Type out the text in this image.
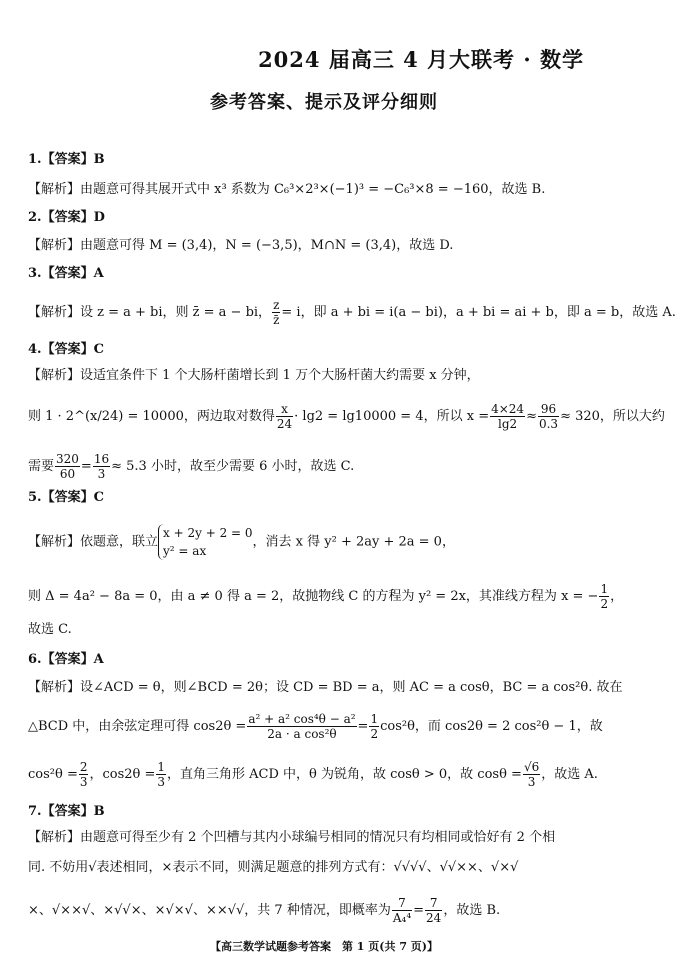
2024 届高三 4 月大联考 · 数学
参考答案、提示及评分细则
1.【答案】B
【解析】由题意可得其展开式中 x³ 系数为 C₆³×2³×(−1)³ = −C₆³×8 = −160，故选 B.
2.【答案】D
【解析】由题意可得 M = (3,4)，N = (−3,5)，M∩N = (3,4)，故选 D.
3.【答案】A
【解析】设 z = a + bi，则 z̄ = a − bi， $\frac{z}{z̄} = i$，即 a + bi = i(a − bi)，a + bi = ai + b，即 a = b，故选 A.
4.【答案】C
【解析】设适宜条件下 1 个大肠杆菌增长到 1 万个大肠杆菌大约需要 x 分钟，
则 1 · 2^(x/24) = 10000，两边取对数得 $\frac{x}{24} \cdot \lg 2 = \lg 10000 = 4$，所以 $x = \frac{4\times 24}{\lg 2} \approx \frac{96}{0.3} \approx 320$，所以大约
需要 $\frac{320}{60} = \frac{16}{3} \approx 5.3$ 小时，故至少需要 6 小时，故选 C.
5.【答案】C
【解析】依题意，联立
x + 2y + 2 = 0
y² = ax
，消去 x 得 y² + 2ay + 2a = 0，
则 Δ = 4a² − 8a = 0，由 a ≠ 0 得 a = 2，故抛物线 C 的方程为 y² = 2x，其准线方程为 x = − $\frac{1}{2}$ ，
故选 C.
6.【答案】A
【解析】设∠ACD = θ，则∠BCD = 2θ；设 CD = BD = a，则 AC = a cosθ，BC = a cos²θ. 故在
△BCD 中，由余弦定理可得 $\cos 2\theta = \frac{\text{a² + a² cos⁴θ − a²}}{\text{2a · a cos²θ}} = \frac{1}{2} \cos^2\theta$，而 cos2θ = 2 cos²θ − 1，故
$\cos^2\theta = \frac{2}{3}$ ，$\cos 2\theta = \frac{1}{3}$ ，直角三角形 ACD 中，θ 为锐角，故 cosθ > 0，故 $\cos\theta = \frac{√6}{3}$ ，故选 A.
7.【答案】B
【解析】由题意可得至少有 2 个凹槽与其内小球编号相同的情况只有均相同或恰好有 2 个相
同. 不妨用√表述相同，×表示不同，则满足题意的排列方式有：√√√√、√√××、√×√
×、√××√、×√√×、×√×√、××√√，共 7 种情况，即概率为 $\frac{7}{\text{A₄⁴}} = \frac{7}{24}$ ，故选 B.
【高三数学试题参考答案　第 1 页(共 7 页)】
